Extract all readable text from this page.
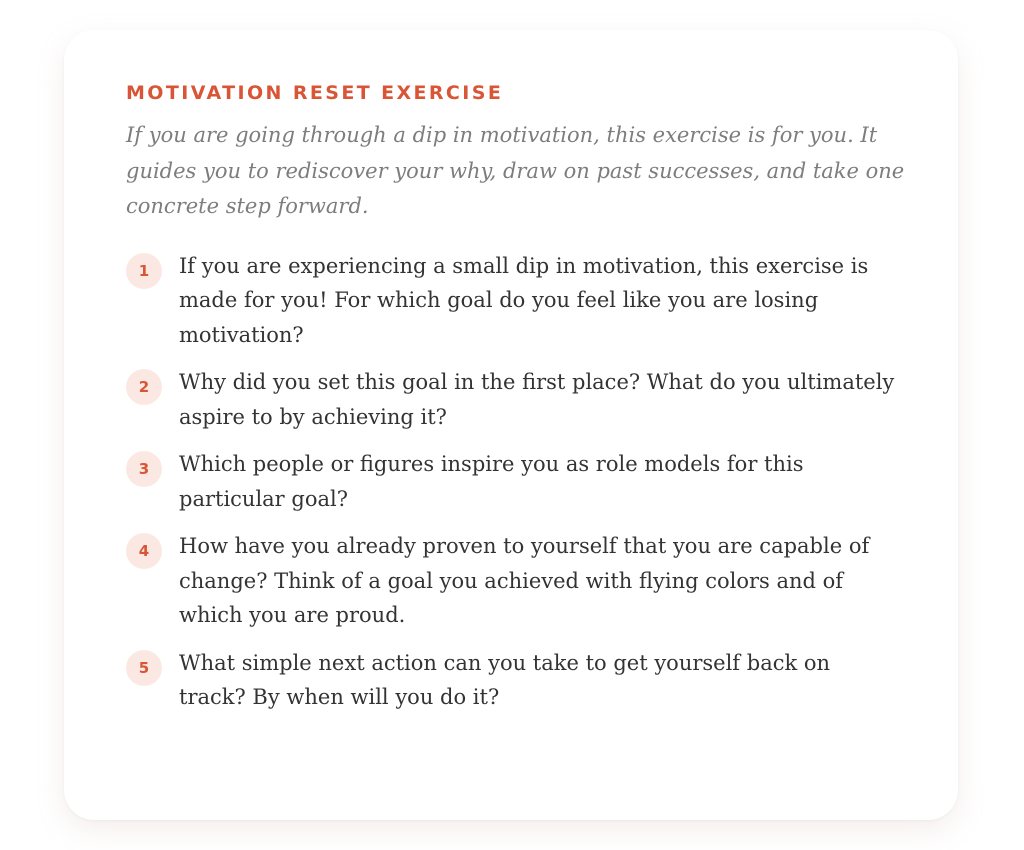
MOTIVATION RESET EXERCISE

If you are going through a dip in motivation, this exercise is for you. It guides you to rediscover your why, draw on past successes, and take one concrete step forward.

1	If you are experiencing a small dip in motivation, this exercise is made for you! For which goal do you feel like you are losing motivation?
2	Why did you set this goal in the first place? What do you ultimately aspire to by achieving it?
3	Which people or figures inspire you as role models for this particular goal?
4	How have you already proven to yourself that you are capable of change? Think of a goal you achieved with flying colors and of which you are proud.
5	What simple next action can you take to get yourself back on track? By when will you do it?
